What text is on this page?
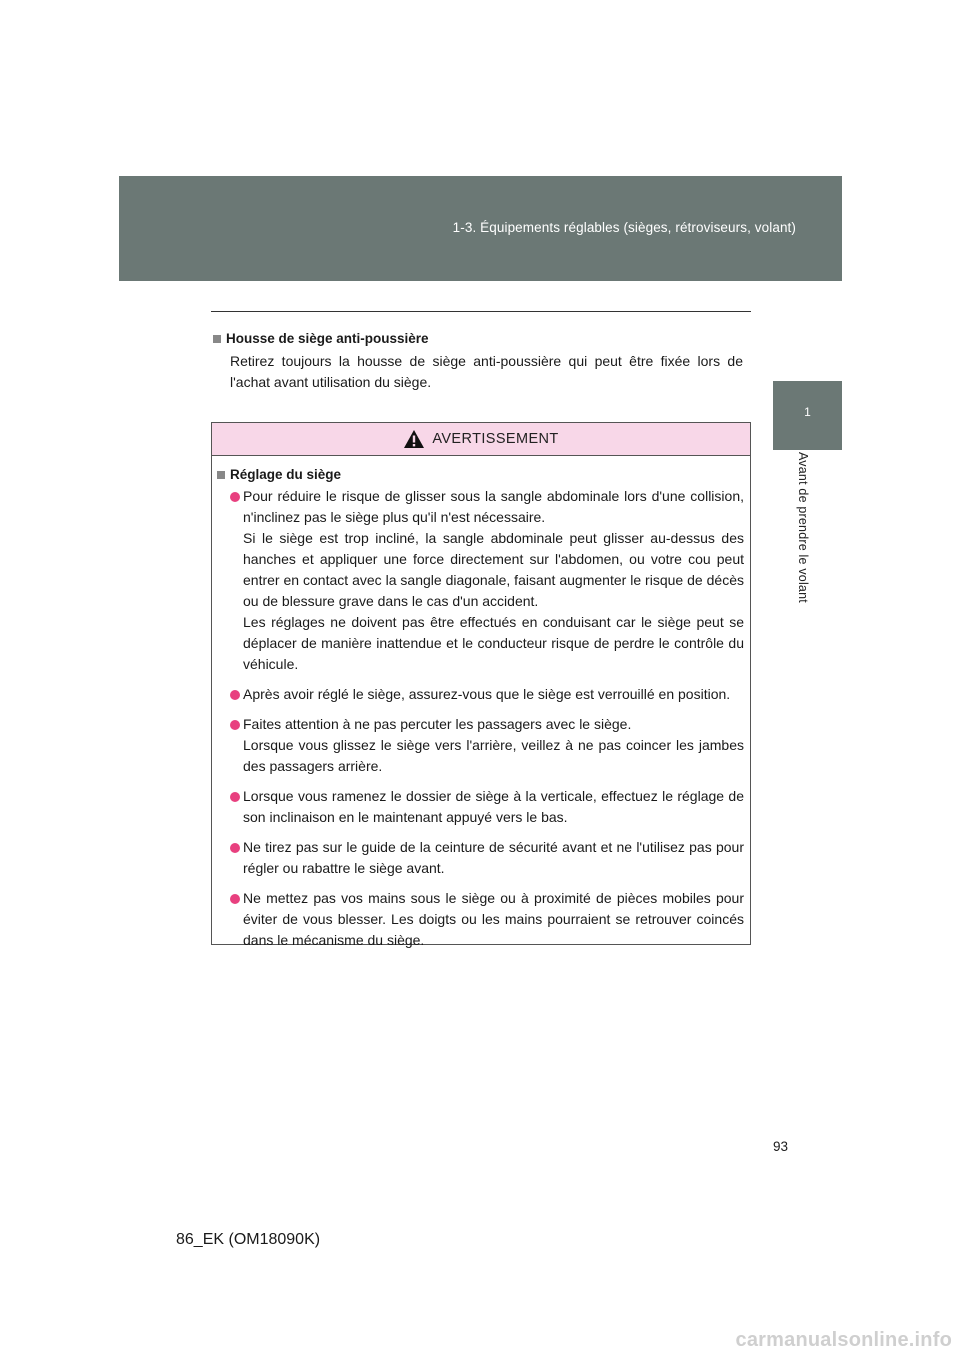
1-3. Équipements réglables (sièges, rétroviseurs, volant)
1
Avant de prendre le volant
Housse de siège anti-poussière
Retirez toujours la housse de siège anti-poussière qui peut être fixée lors de l'achat avant utilisation du siège.
AVERTISSEMENT
Réglage du siège

Pour réduire le risque de glisser sous la sangle abdominale lors d'une collision, n'inclinez pas le siège plus qu'il n'est nécessaire.

Si le siège est trop incliné, la sangle abdominale peut glisser au-dessus des hanches et appliquer une force directement sur l'abdomen, ou votre cou peut entrer en contact avec la sangle diagonale, faisant augmenter le risque de décès ou de blessure grave dans le cas d'un accident.

Les réglages ne doivent pas être effectués en conduisant car le siège peut se déplacer de manière inattendue et le conducteur risque de perdre le contrôle du véhicule.

Après avoir réglé le siège, assurez-vous que le siège est verrouillé en position.

Faites attention à ne pas percuter les passagers avec le siège.

Lorsque vous glissez le siège vers l'arrière, veillez à ne pas coincer les jambes des passagers arrière.

Lorsque vous ramenez le dossier de siège à la verticale, effectuez le réglage de son inclinaison en le maintenant appuyé vers le bas.

Ne tirez pas sur le guide de la ceinture de sécurité avant et ne l'utilisez pas pour régler ou rabattre le siège avant.

Ne mettez pas vos mains sous le siège ou à proximité de pièces mobiles pour éviter de vous blesser. Les doigts ou les mains pourraient se retrouver coincés dans le mécanisme du siège.

93
86_EK (OM18090K)
carmanualsonline.info
